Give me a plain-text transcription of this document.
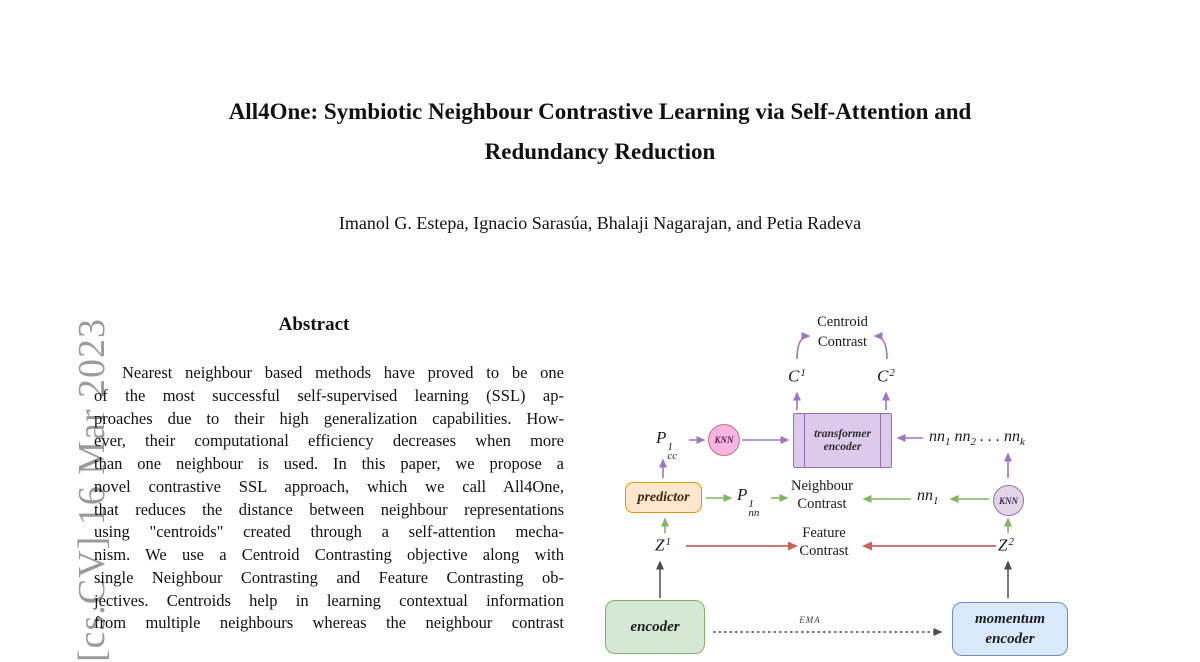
[cs.CV] 16 Mar 2023
All4One: Symbiotic Neighbour Contrastive Learning via Self-Attention and
Redundancy Reduction
Imanol G. Estepa, Ignacio Sarasúa, Bhalaji Nagarajan, and Petia Radeva
Abstract
Nearest neighbour based methods have proved to be one
of the most successful self-supervised learning (SSL) ap-
proaches due to their high generalization capabilities. How-
ever, their computational efficiency decreases when more
than one neighbour is used. In this paper, we propose a
novel contrastive SSL approach, which we call All4One,
that reduces the distance between neighbour representations
using "centroids" created through a self-attention mecha-
nism. We use a Centroid Contrasting objective along with
single Neighbour Contrasting and Feature Contrasting ob-
jectives. Centroids help in learning contextual information
from multiple neighbours whereas the neighbour contrast
Centroid
Contrast
$C^1$	$C^2$
transformer
encoder
P 1
cc
KNN	$nn_1$ $nn_2$ . . . $nn_k$
predictor	P 1
nn
Neighbour
Contrast	$nn_1$	KNN
$Z^1$
Feature
Contrast	$Z^2$
encoder	momentum
encoder
EMA
